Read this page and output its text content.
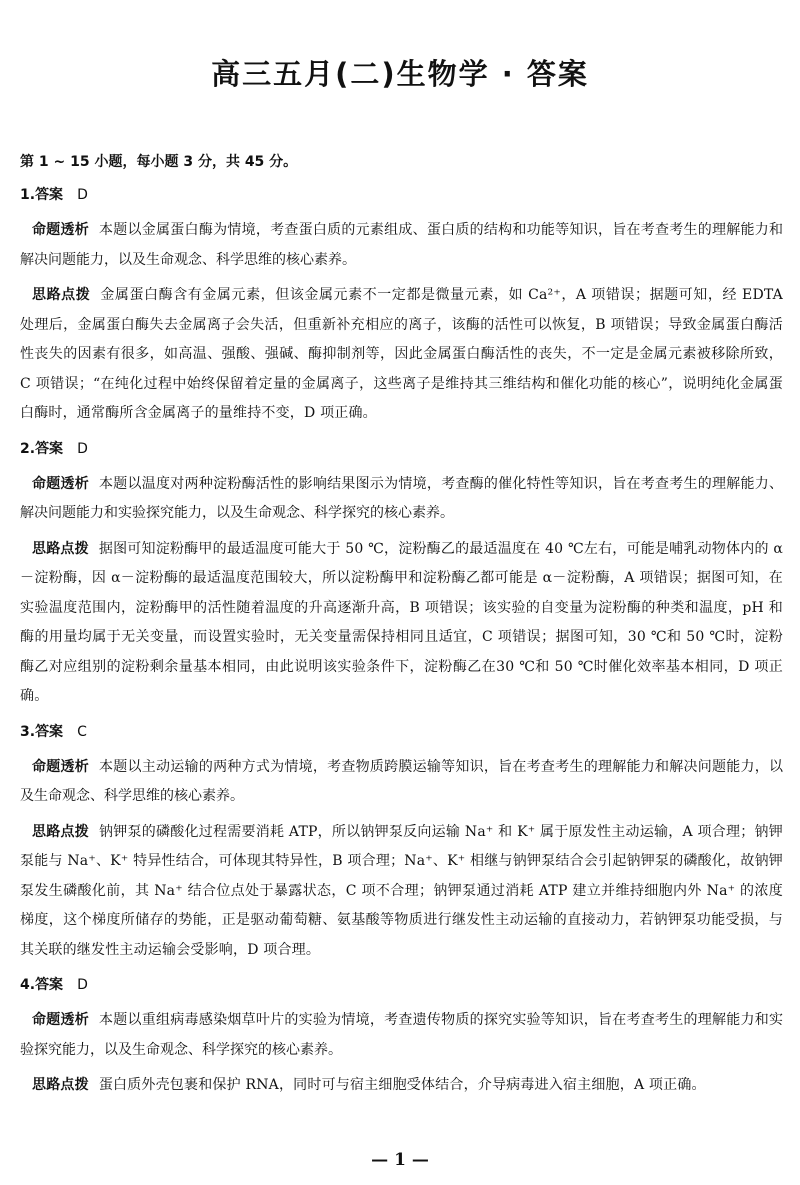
高三五月(二)生物学 · 答案
第 1 ~ 15 小题，每小题 3 分，共 45 分。
1.答案 D
命题透析 本题以金属蛋白酶为情境，考查蛋白质的元素组成、蛋白质的结构和功能等知识，旨在考查考生的理解能力和解决问题能力，以及生命观念、科学思维的核心素养。
思路点拨 金属蛋白酶含有金属元素，但该金属元素不一定都是微量元素，如 Ca²⁺，A 项错误；据题可知，经 EDTA 处理后，金属蛋白酶失去金属离子会失活，但重新补充相应的离子，该酶的活性可以恢复，B 项错误；导致金属蛋白酶活性丧失的因素有很多，如高温、强酸、强碱、酶抑制剂等，因此金属蛋白酶活性的丧失，不一定是金属元素被移除所致，C 项错误；“在纯化过程中始终保留着定量的金属离子，这些离子是维持其三维结构和催化功能的核心”，说明纯化金属蛋白酶时，通常酶所含金属离子的量维持不变，D 项正确。
2.答案 D
命题透析 本题以温度对两种淀粉酶活性的影响结果图示为情境，考查酶的催化特性等知识，旨在考查考生的理解能力、解决问题能力和实验探究能力，以及生命观念、科学探究的核心素养。
思路点拨 据图可知淀粉酶甲的最适温度可能大于 50 ℃，淀粉酶乙的最适温度在 40 ℃左右，可能是哺乳动物体内的 α－淀粉酶，因 α－淀粉酶的最适温度范围较大，所以淀粉酶甲和淀粉酶乙都可能是 α－淀粉酶，A 项错误；据图可知，在实验温度范围内，淀粉酶甲的活性随着温度的升高逐渐升高，B 项错误；该实验的自变量为淀粉酶的种类和温度，pH 和酶的用量均属于无关变量，而设置实验时，无关变量需保持相同且适宜，C 项错误；据图可知，30 ℃和 50 ℃时，淀粉酶乙对应组别的淀粉剩余量基本相同，由此说明该实验条件下，淀粉酶乙在30 ℃和 50 ℃时催化效率基本相同，D 项正确。
3.答案 C
命题透析 本题以主动运输的两种方式为情境，考查物质跨膜运输等知识，旨在考查考生的理解能力和解决问题能力，以及生命观念、科学思维的核心素养。
思路点拨 钠钾泵的磷酸化过程需要消耗 ATP，所以钠钾泵反向运输 Na⁺ 和 K⁺ 属于原发性主动运输，A 项合理；钠钾泵能与 Na⁺、K⁺ 特异性结合，可体现其特异性，B 项合理；Na⁺、K⁺ 相继与钠钾泵结合会引起钠钾泵的磷酸化，故钠钾泵发生磷酸化前，其 Na⁺ 结合位点处于暴露状态，C 项不合理；钠钾泵通过消耗 ATP 建立并维持细胞内外 Na⁺ 的浓度梯度，这个梯度所储存的势能，正是驱动葡萄糖、氨基酸等物质进行继发性主动运输的直接动力，若钠钾泵功能受损，与其关联的继发性主动运输会受影响，D 项合理。
4.答案 D
命题透析 本题以重组病毒感染烟草叶片的实验为情境，考查遗传物质的探究实验等知识，旨在考查考生的理解能力和实验探究能力，以及生命观念、科学探究的核心素养。
思路点拨 蛋白质外壳包裹和保护 RNA，同时可与宿主细胞受体结合，介导病毒进入宿主细胞，A 项正确。
— 1 —
